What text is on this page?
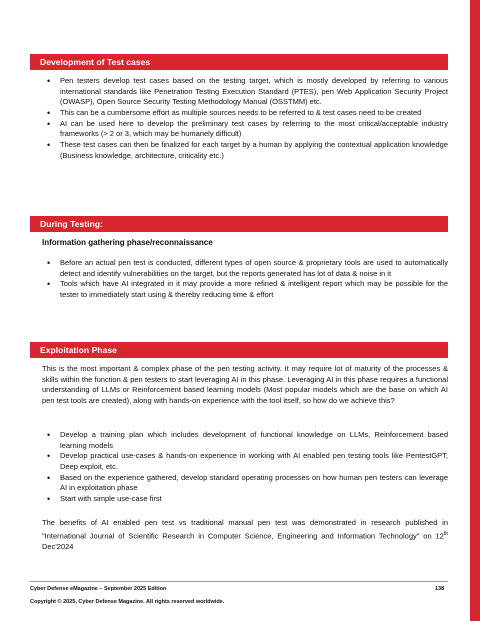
Development of Test cases
• Pen testers develop test cases based on the testing target, which is mostly developed by referring to various international standards like Penetration Testing Execution Standard (PTES), pen Web Application Security Project (OWASP), Open Source Security Testing Methodology Manual (OSSTMM) etc.
• This can be a cumbersome effort as multiple sources needs to be referred to & test cases need to be created
• AI can be used here to develop the preliminary test cases by referring to the most critical/acceptable industry frameworks (> 2 or 3, which may be humanely difficult)
• These test cases can then be finalized for each target by a human by applying the contextual application knowledge (Business knowledge, architecture, criticality etc.)
During Testing:
Information gathering phase/reconnaissance
• Before an actual pen test is conducted, different types of open source & proprietary tools are used to automatically detect and identify vulnerabilities on the target, but the reports generated has lot of data & noise in it
• Tools which have AI integrated in it may provide a more refined & intelligent report which may be possible for the tester to immediately start using & thereby reducing time & effort
Exploitation Phase
This is the most important & complex phase of the pen testing activity. It may require lot of maturity of the processes & skills within the function & pen testers to start leveraging AI in this phase. Leveraging AI in this phase requires a functional understanding of LLMs or Reinforcement based learning models (Most popular models which are the base on which AI pen test tools are created), along with hands-on experience with the tool itself, so how do we achieve this?
• Develop a training plan which includes development of functional knowledge on LLMs, Reinforcement based learning models
• Develop practical use-cases & hands-on experience in working with AI enabled pen testing tools like PentestGPT, Deep exploit, etc.
• Based on the experience gathered, develop standard operating processes on how human pen testers can leverage AI in exploitation phase
• Start with simple use-case first
The benefits of AI enabled pen test vs traditional manual pen test was demonstrated in research published in "International Journal of Scientific Research in Computer Science, Engineering and Information Technology" on 12th Dec'2024
Cyber Defense eMagazine – September 2025 Edition	138
Copyright © 2025, Cyber Defense Magazine. All rights reserved worldwide.
